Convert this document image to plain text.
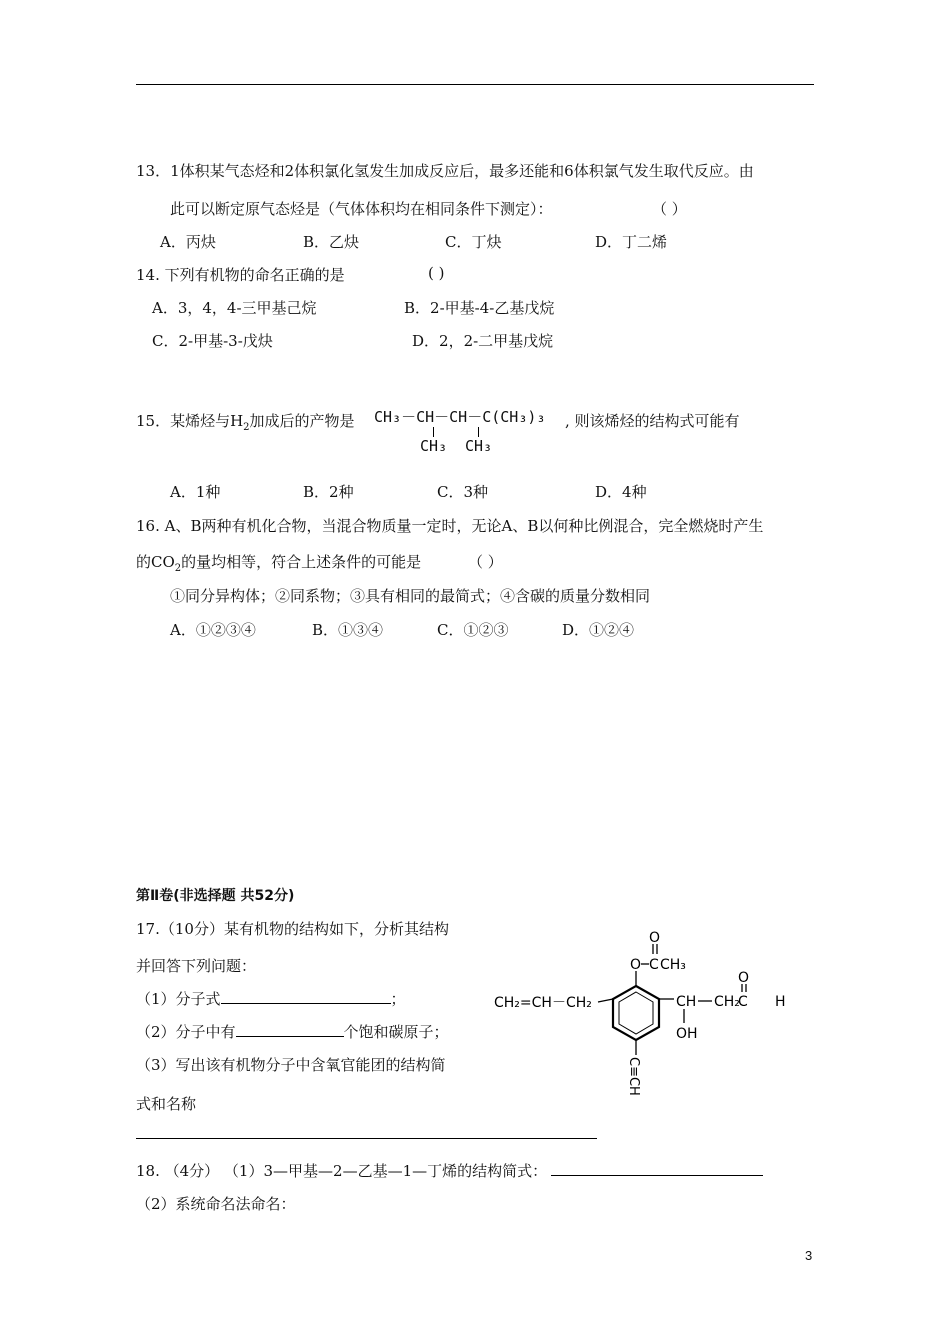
13．1体积某气态烃和2体积氯化氢发生加成反应后，最多还能和6体积氯气发生取代反应。由
此可以断定原气态烃是（气体体积均在相同条件下测定）：	（ ）
A．丙炔	B．乙炔	C．丁炔	D．丁二烯
14. 下列有机物的命名正确的是	( )
A．3，4，4-三甲基己烷	B．2-甲基-4-乙基戊烷
C．2-甲基-3-戊炔	D．2，2-二甲基戊烷
15．某烯烃与$H_2$加成后的产物是 CH₃－CH－CH－C(CH₃)₃
CH₃ CH₃
, 则该烯烃的结构式可能有
A．1种	B．2种	C．3种	D．4种
16. A、B两种有机化合物，当混合物质量一定时，无论A、B以何种比例混合，完全燃烧时产生
的$CO_2$的量均相等，符合上述条件的可能是	（ ）
①同分异构体；②同系物；③具有相同的最简式；④含碳的质量分数相同
A．①②③④	B．①③④	C．①②③	D．①②④
第Ⅱ卷(非选择题 共52分)
17.（10分）某有机物的结构如下，分析其结构
并回答下列问题：
（1）分子式	；
（2）分子中有	个饱和碳原子；
（3）写出该有机物分子中含氧官能团的结构简
式和名称
CH₂=CH－CH₂
O C
O
CH₃
CH
OH
CH₂
C
O
H
C≡CH
18. （4分） （1）3—甲基—2—乙基—1—丁烯的结构简式：
（2）系统命名法命名：
3
